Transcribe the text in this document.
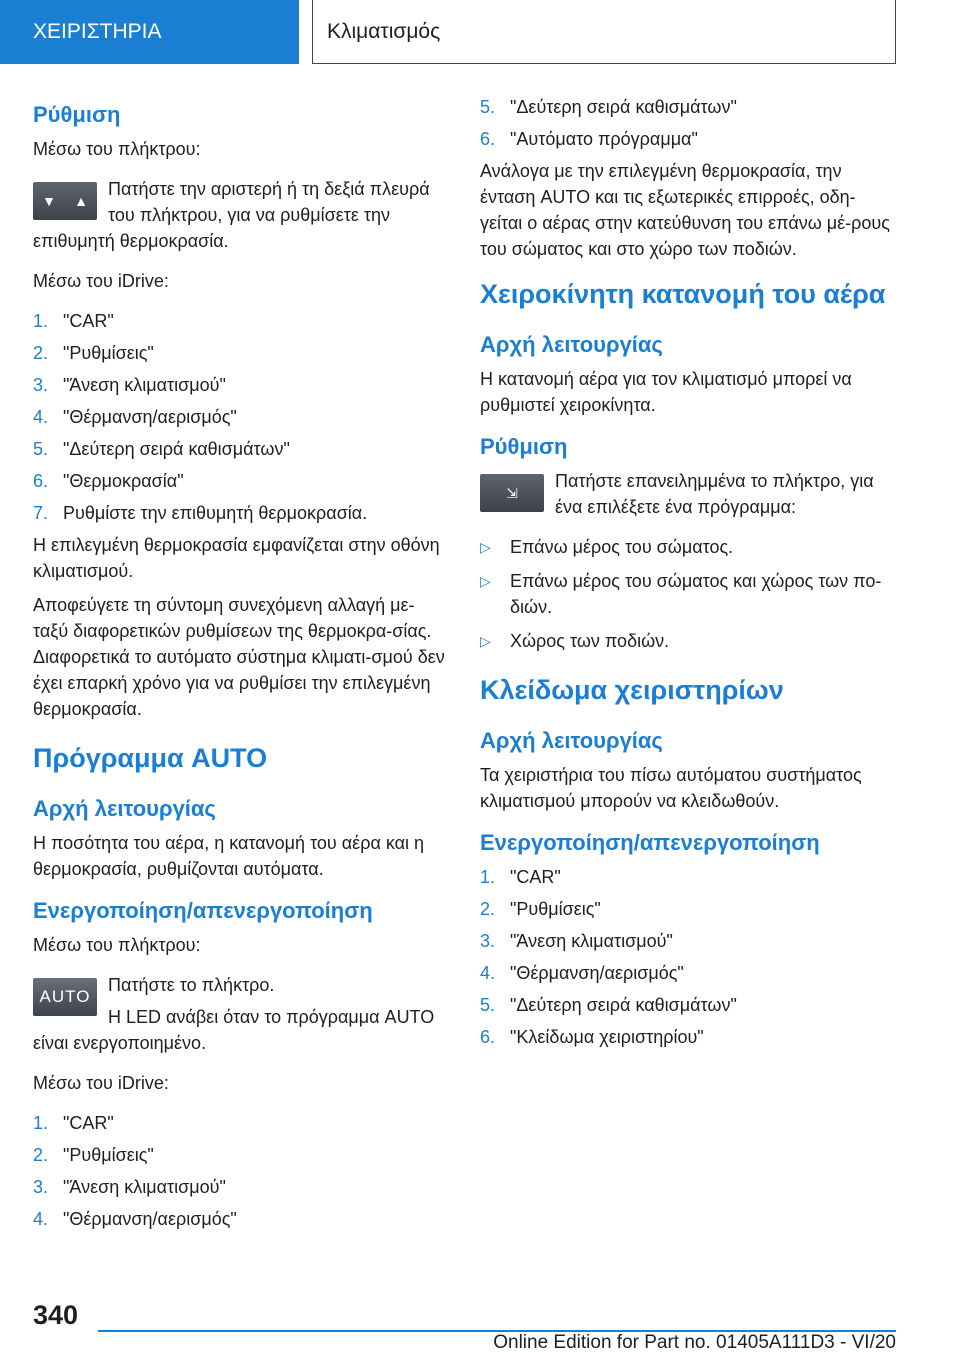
ΧΕΙΡΙΣΤΗΡΙΑ	Κλιματισμός
Ρύθμιση

Μέσω του πλήκτρου:

▼ ▲

Πατήστε την αριστερή ή τη δεξιά πλευρά του πλήκτρου, για να ρυθμίσετε την επιθυμητή θερμοκρασία.

Μέσω του iDrive:

1. "CAR"
2. "Ρυθμίσεις"
3. "Άνεση κλιματισμού"
4. "Θέρμανση/αερισμός"
5. "Δεύτερη σειρά καθισμάτων"
6. "Θερμοκρασία"
7. Ρυθμίστε την επιθυμητή θερμοκρασία.

Η επιλεγμένη θερμοκρασία εμφανίζεται στην οθόνη κλιματισμού.

Αποφεύγετε τη σύντομη συνεχόμενη αλλαγή με-ταξύ διαφορετικών ρυθμίσεων της θερμοκρα-σίας. Διαφορετικά το αυτόματο σύστημα κλιματι-σμού δεν έχει επαρκή χρόνο για να ρυθμίσει την επιλεγμένη θερμοκρασία.

Πρόγραμμα AUTO
Αρχή λειτουργίας

Η ποσότητα του αέρα, η κατανομή του αέρα και η θερμοκρασία, ρυθμίζονται αυτόματα.

Ενεργοποίηση/απενεργοποίηση

Μέσω του πλήκτρου:

AUTO

Πατήστε το πλήκτρο.

Η LED ανάβει όταν το πρόγραμμα AUTO είναι ενεργοποιημένο.

Μέσω του iDrive:

1. "CAR"
2. "Ρυθμίσεις"
3. "Άνεση κλιματισμού"
4. "Θέρμανση/αερισμός"
5. "Δεύτερη σειρά καθισμάτων"
6. "Αυτόματο πρόγραμμα"

Ανάλογα με την επιλεγμένη θερμοκρασία, την ένταση AUTO και τις εξωτερικές επιρροές, οδη-γείται ο αέρας στην κατεύθυνση του επάνω μέ-ρους του σώματος και στο χώρο των ποδιών.

Χειροκίνητη κατανομή του αέρα
Αρχή λειτουργίας

Η κατανομή αέρα για τον κλιματισμό μπορεί να ρυθμιστεί χειροκίνητα.

Ρύθμιση
⇲

Πατήστε επανειλημμένα το πλήκτρο, για ένα επιλέξετε ένα πρόγραμμα:

▷	Επάνω μέρος του σώματος.
▷	Επάνω μέρος του σώματος και χώρος των πο-διών.
▷	Χώρος των ποδιών.
Κλείδωμα χειριστηρίων
Αρχή λειτουργίας

Τα χειριστήρια του πίσω αυτόματου συστήματος κλιματισμού μπορούν να κλειδωθούν.

Ενεργοποίηση/απενεργοποίηση
1. "CAR"
2. "Ρυθμίσεις"
3. "Άνεση κλιματισμού"
4. "Θέρμανση/αερισμός"
5. "Δεύτερη σειρά καθισμάτων"
6. "Κλείδωμα χειριστηρίου"
340
Online Edition for Part no. 01405A111D3 - VI/20
